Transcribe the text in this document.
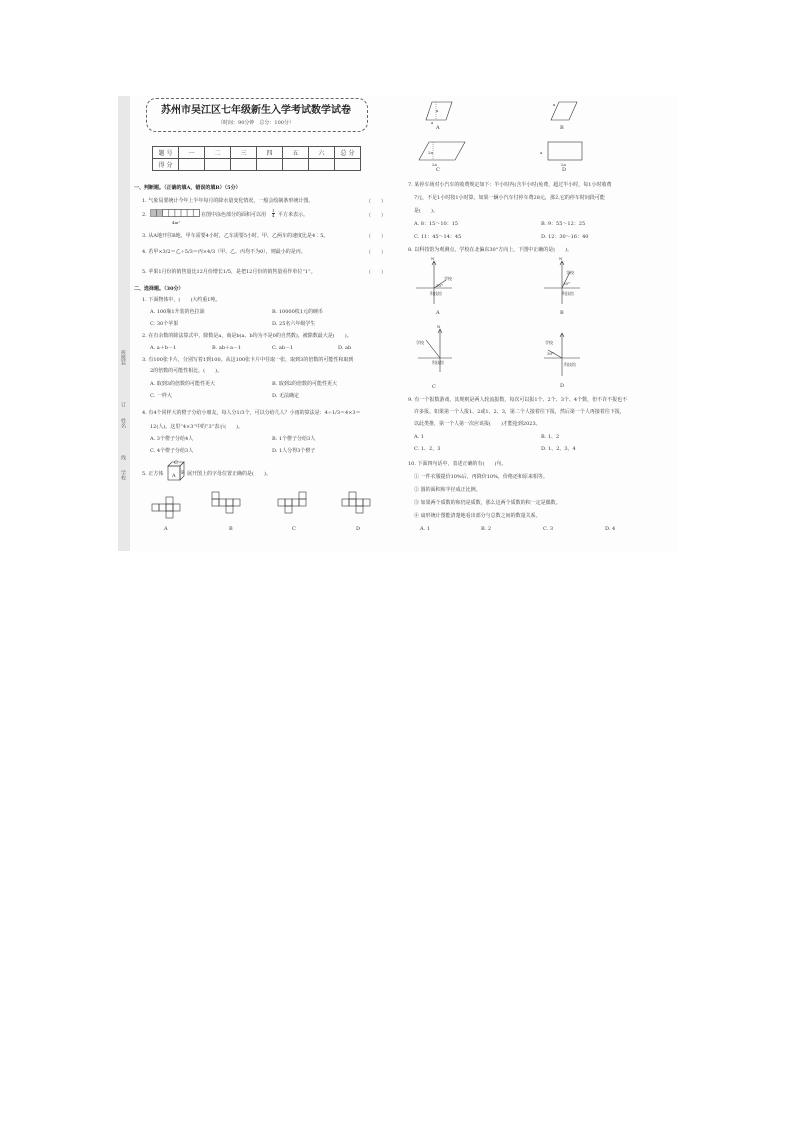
班级
装
姓名
订
学校
线
苏州市吴江区七年级新生入学考试数学试卷
（时间：90分钟　总分：100分）
题 号	一	二	三	四	五	六	总 分
得 分							
一、判断题。（正确的填A，错误的填B）（5分）
1. 气象局要统计今年上半年每月的降水量变化情况，一般会绘制条形统计图。	（　　）
2.
4m²
在图中涂色部分的面积可以用 $\frac{1}{4}$ 平方米表示。	（　　）
3. 从A地开往B地，甲车需要4小时，乙车需要5小时。甲、乙两车的速度比是4∶5。	（　　）
4. 若甲×3/2＝乙÷5/3＝丙×4/3（甲、乙、丙均不为0），则最小的是丙。	（　　）
5. 苹果1月份的销售量比12月份增长1/5，是把12月份的销售量看作单位“1”。	（　　）
二、选择题。（30分）
1. 下面物体中，(　　)大约重1吨。
A. 100瓶1升装的色拉油	B. 10000枚1元的硬币
C. 30个苹果	D. 25名六年级学生
2. 在有余数的除法算式中，除数是a，商是b(a、b均为不是0的自然数)，被除数最大是(　　)。
A. a＋b－1	B. ab＋a－1	C. ab－1	D. ab
3. 有100张卡片，分别写着1到100。从这100张卡片中任取一张，取到3的倍数的可能性和取到
2的倍数的可能性相比，(　　)。
A. 取到3的倍数的可能性更大	B. 取到2的倍数的可能性更大
C. 一样大	D. 无法确定
4. 有4个同样大的橙子分给小朋友，每人分1/3个，可以分给几人？小雨的算法是：4÷1/3＝4×3＝
12(人)。这里“4×3”中的“3”表示(　　)。
A. 3个橙子分给4人	B. 1个橙子分给3人
C. 4个橙子分给3人	D. 1人分得3个橙子
5. 正方体
C
A B 展开图上的字母位置正确的是(　　)。
A	B	C	D
a
a
A
a
B
2a
2a
C
a
2a
D
7. 某停车场对小汽车的收费规定如下：半小时内(含半小时)免费，超过半小时，每1小时收费
7元，不足1小时按1小时算。如果一辆小汽车付停车费28元，那么它的停车时间段可能
是(　　)。
A. 8：15～10：15	B. 9：55～12：25
C. 11：45～14：45	D. 12：30～16：40
8. 以科技馆为观测点，学校在北偏东30°方向上，下图中正确的是(　　)。
N
学校
30°
科技馆
A
N
学校
30°
科技馆
B
N
学校
科技馆
C
学校
30°
科技馆
D
9. 有一个报数游戏，其规则是两人轮流报数，每次可以报1个、2个、3个、4个数，但不许不报也不
许多报。如果第一个人报1、2或1、2、3，第二个人接着往下报，然后第一个人再接着往下报，
以此类推，第一个人第一次应该报(　　)才能抢到2023。
A. 1	B. 1、2
C. 1、2、3	D. 1、2、3、4
10. 下面四句话中，表述正确的有(　　)句。
① 一件衣服提价10%后，再降价10%，价格还和原来相等。
② 圆的面积和半径成正比例。
③ 如果两个质数的和仍是质数，那么这两个质数的积一定是偶数。
④ 扇形统计图能清楚地看出部分与总数之间的数量关系。
A. 1	B. 2	C. 3	D. 4
